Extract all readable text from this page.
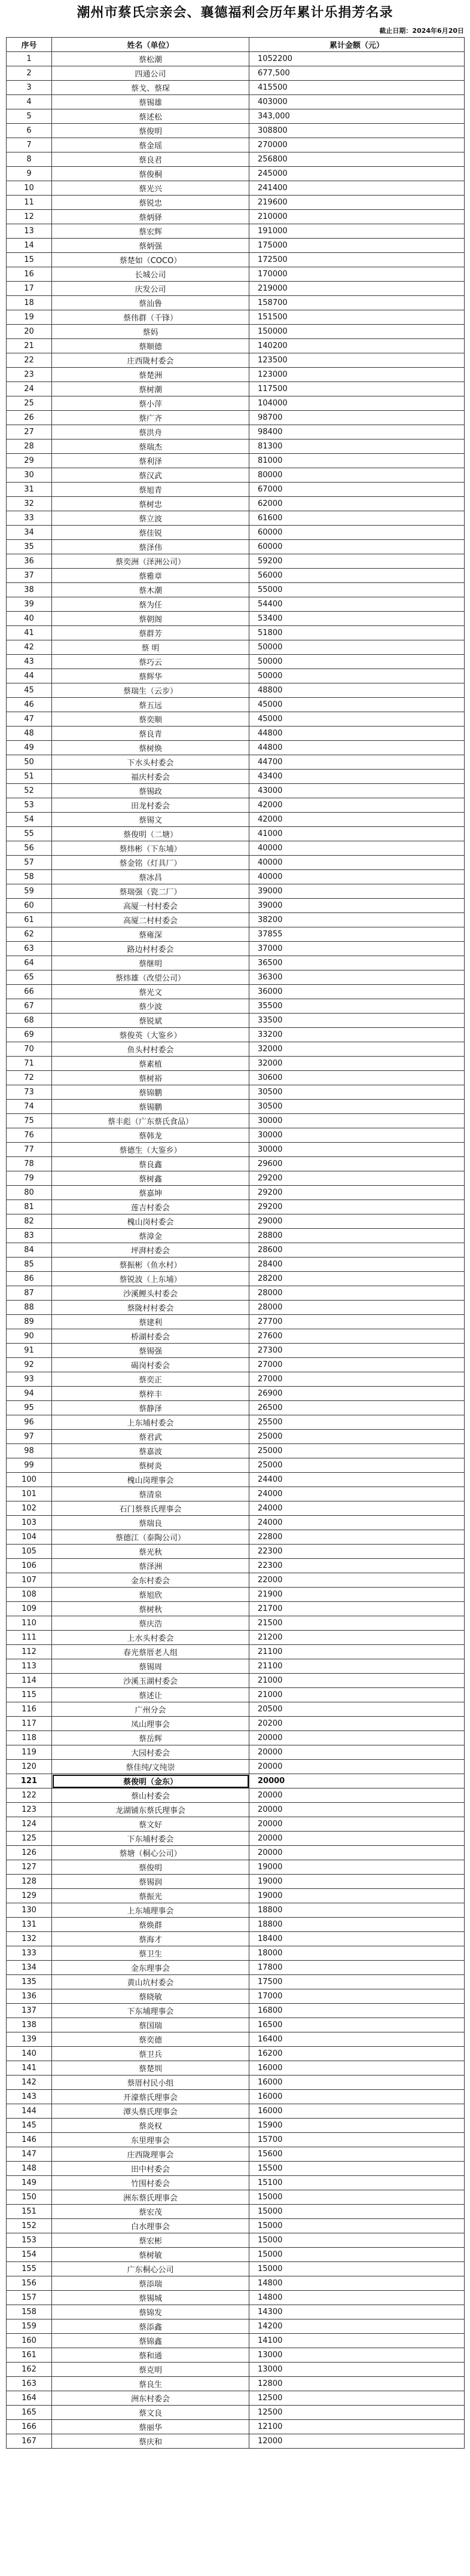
潮州市蔡氏宗亲会、襄德福利会历年累计乐捐芳名录
截止日期：2024年6月20日
序号	姓名（单位）	累计金额（元）
1	蔡松潮	1052200
2	四通公司	677,500
3	蔡戈、蔡琛	415500
4	蔡锡雄	403000
5	蔡述松	343,000
6	蔡俊明	308800
7	蔡金瑶	270000
8	蔡良君	256800
9	蔡俊桐	245000
10	蔡光兴	241400
11	蔡锐忠	219600
12	蔡炳驿	210000
13	蔡宏辉	191000
14	蔡炳强	175000
15	蔡楚如（COCO）	172500
16	长城公司	170000
17	庆发公司	219000
18	蔡汕鲁	158700
19	蔡伟群（千锋）	151500
20	蔡妈	150000
21	蔡顺德	140200
22	庄西陇村委会	123500
23	蔡楚洲	123000
24	蔡树潮	117500
25	蔡小萍	104000
26	蔡广齐	98700
27	蔡洪舟	98400
28	蔡瑞杰	81300
29	蔡利泽	81000
30	蔡汉武	80000
31	蔡旭青	67000
32	蔡树忠	62000
33	蔡立波	61600
34	蔡佳锐	60000
35	蔡泽伟	60000
36	蔡奕洲（泽洲公司）	59200
37	蔡雅章	56000
38	蔡木潮	55000
39	蔡为任	54400
40	蔡朝阁	53400
41	蔡群芳	51800
42	蔡 明	50000
43	蔡巧云	50000
44	蔡辉华	50000
45	蔡瑞生（云步）	48800
46	蔡五远	45000
47	蔡奕顺	45000
48	蔡良青	44800
49	蔡树焕	44800
50	下水头村委会	44700
51	福庆村委会	43400
52	蔡锡政	43000
53	田龙村委会	42000
54	蔡锡文	42000
55	蔡俊明（二塘）	41000
56	蔡炜彬（下东埔）	40000
57	蔡金铭（灯具厂）	40000
58	蔡冰昌	40000
59	蔡瑞强（瓷二厂）	39000
60	高厦一村村委会	39000
61	高厦二村村委会	38200
62	蔡雍深	37855
63	路边村村委会	37000
64	蔡继明	36500
65	蔡炜雄（改望公司）	36300
66	蔡光文	36000
67	蔡少波	35500
68	蔡锐斌	33500
69	蔡俊英（大鉴乡）	33200
70	鱼头村村委会	32000
71	蔡素植	32000
72	蔡树裕	30600
73	蔡锦鹏	30500
74	蔡锡鹏	30500
75	蔡丰彪（广东蔡氏食品）	30000
76	蔡韩龙	30000
77	蔡德生（大鉴乡）	30000
78	蔡良鑫	29600
79	蔡树鑫	29200
80	蔡嘉坤	29200
81	莲吉村委会	29200
82	槐山岗村委会	29000
83	蔡漳金	28800
84	坪湃村委会	28600
85	蔡振彬（鱼水村）	28400
86	蔡锐波（上东埔）	28200
87	沙溪鲤头村委会	28000
88	蔡陇村村委会	28000
89	蔡建利	27700
90	桥湖村委会	27600
91	蔡锡强	27300
92	碣岗村委会	27000
93	蔡奕正	27000
94	蔡梓丰	26900
95	蔡静泽	26500
96	上东埔村委会	25500
97	蔡君武	25000
98	蔡嘉波	25000
99	蔡树炎	25000
100	槐山岗理事会	24400
101	蔡清泉	24000
102	石门蔡蔡氏理事会	24000
103	蔡瑞良	24000
104	蔡德江（泰陶公司）	22800
105	蔡光秋	22300
106	蔡泽洲	22300
107	金东村委会	22000
108	蔡旭欣	21900
109	蔡树秋	21700
110	蔡庆浩	21500
111	上水头村委会	21200
112	春光蔡厝老人组	21100
113	蔡锡周	21100
114	沙溪玉湖村委会	21000
115	蔡述让	21000
116	广州分会	20500
117	凤山理事会	20200
118	蔡岳辉	20000
119	大园村委会	20000
120	蔡佳纯/文纯崇	20000
121	蔡俊明（金东）	20000
122	蔡山村委会	20000
123	龙湖铺东蔡氏理事会	20000
124	蔡文好	20000
125	下东埔村委会	20000
126	蔡塘（桐心公司）	20000
127	蔡俊明	19000
128	蔡锡润	19000
129	蔡振光	19000
130	上东埔理事会	18800
131	蔡焕群	18800
132	蔡海才	18400
133	蔡卫生	18000
134	金东理事会	17800
135	黄山坑村委会	17500
136	蔡晓敏	17000
137	下东埔理事会	16800
138	蔡国瑞	16500
139	蔡奕德	16400
140	蔡卫兵	16200
141	蔡楚圳	16000
142	蔡厝村民小组	16000
143	开濠蔡氏理事会	16000
144	潭头蔡氏理事会	16000
145	蔡炎权	15900
146	东里理事会	15700
147	庄西陇理事会	15600
148	田中村委会	15500
149	竹围村委会	15100
150	洲东蔡氏理事会	15000
151	蔡宏茂	15000
152	白水理事会	15000
153	蔡宏彬	15000
154	蔡树敏	15000
155	广东桐心公司	15000
156	蔡添瑞	14800
157	蔡锡城	14800
158	蔡锦发	14300
159	蔡添鑫	14200
160	蔡锦鑫	14100
161	蔡和通	13000
162	蔡克明	13000
163	蔡良生	12800
164	洲东村委会	12500
165	蔡文良	12500
166	蔡丽华	12100
167	蔡庆和	12000
